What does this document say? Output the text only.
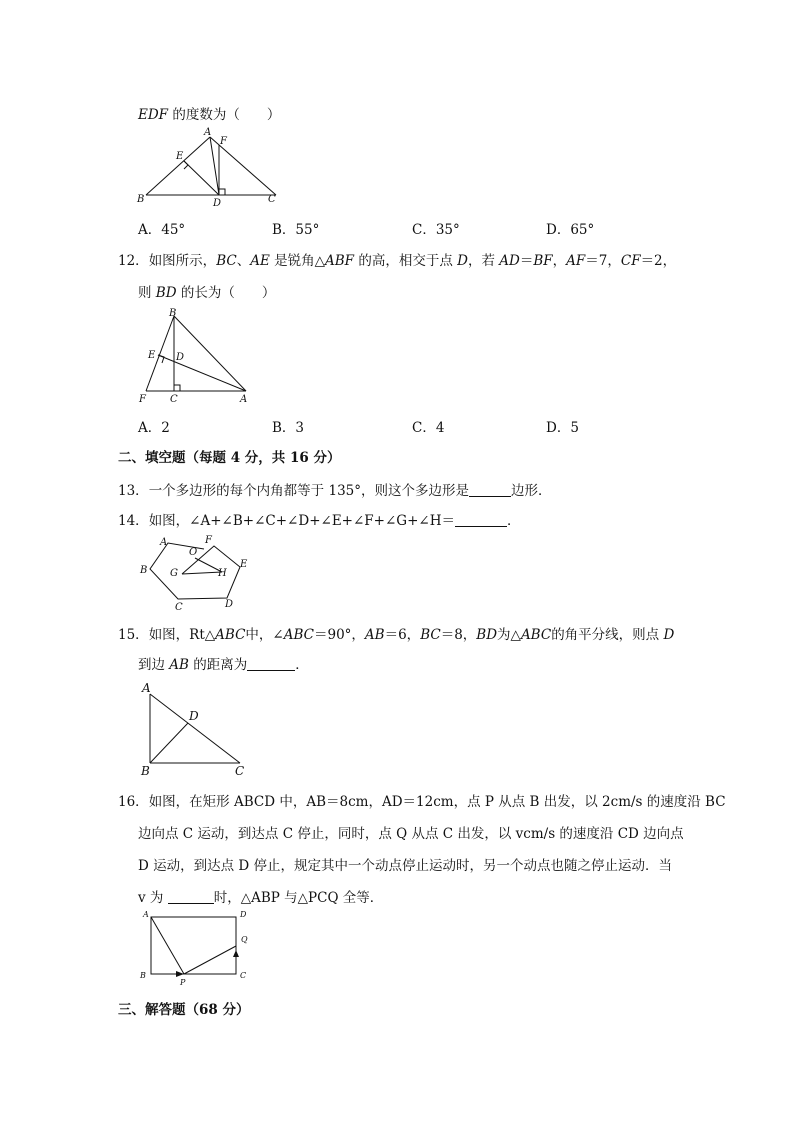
EDF 的度数为（　　）
A
F
E
B	D	C
A．45°	B．55°	C．35°	D．65°
12．如图所示，BC、AE 是锐角△ABF 的高，相交于点 D，若 AD＝BF，AF＝7，CF＝2，
则 BD 的长为（　　）
B
E D
F C	A
A．2	B．3	C．4	D．5
二、填空题（每题 4 分，共 16 分）
13．一个多边形的每个内角都等于 135°，则这个多边形是	边形．
14．如图，∠A+∠B+∠C+∠D+∠E+∠F+∠G+∠H＝	．
A	F
O
E
B G	H
C	D
15．如图，Rt△ABC中，∠ABC＝90°，AB＝6，BC＝8，BD为△ABC的角平分线，则点 D
到边 AB 的距离为	．
A
D
B	C
16．如图，在矩形 ABCD 中，AB＝8cm，AD＝12cm，点 P 从点 B 出发，以 2cm/s 的速度沿 BC
边向点 C 运动，到达点 C 停止，同时，点 Q 从点 C 出发，以 vcm/s 的速度沿 CD 边向点
D 运动，到达点 D 停止，规定其中一个动点停止运动时，另一个动点也随之停止运动．当
v 为	时，△ABP 与△PCQ 全等．
A	D
Q
B
P
C
三、解答题（68 分）
